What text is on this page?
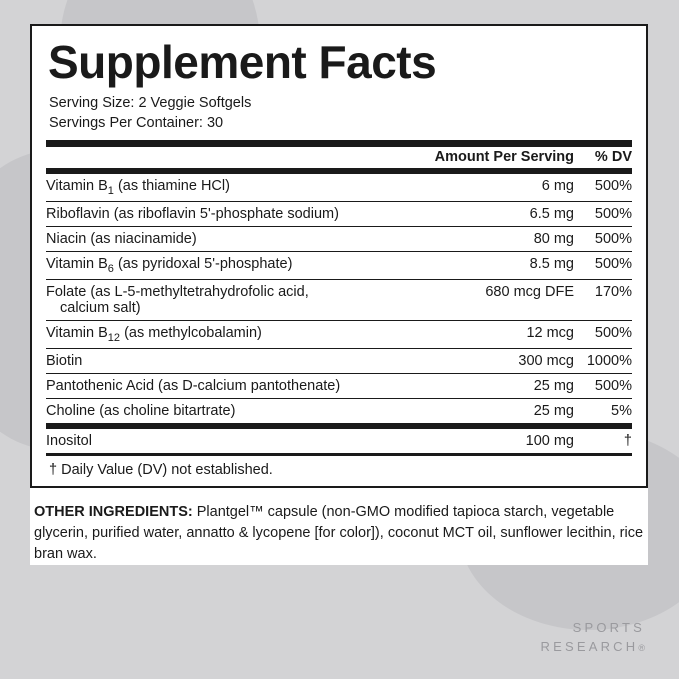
Supplement Facts
Serving Size: 2 Veggie Softgels
Servings Per Container: 30
	Amount Per Serving	% DV
Vitamin $B_1$ (as thiamine HCl)	6 mg	500%
Riboflavin (as riboflavin 5'-phosphate sodium)	6.5 mg	500%
Niacin (as niacinamide)	80 mg	500%
Vitamin $B_6$ (as pyridoxal 5'-phosphate)	8.5 mg	500%
Folate (as L-5-methyltetrahydrofolic acid,
calcium salt)	680 mcg DFE	170%
Vitamin $B_{12}$ (as methylcobalamin)	12 mcg	500%
Biotin	300 mcg	1000%
Pantothenic Acid (as D-calcium pantothenate)	25 mg	500%
Choline (as choline bitartrate)	25 mg	5%
Inositol	100 mg	†
† Daily Value (DV) not established.
OTHER INGREDIENTS: Plantgel™ capsule (non-GMO modified tapioca starch, vegetable glycerin, purified water, annatto & lycopene [for color]), coconut MCT oil, sunflower lecithin, rice bran wax.
SPORTS
RESEARCH®
